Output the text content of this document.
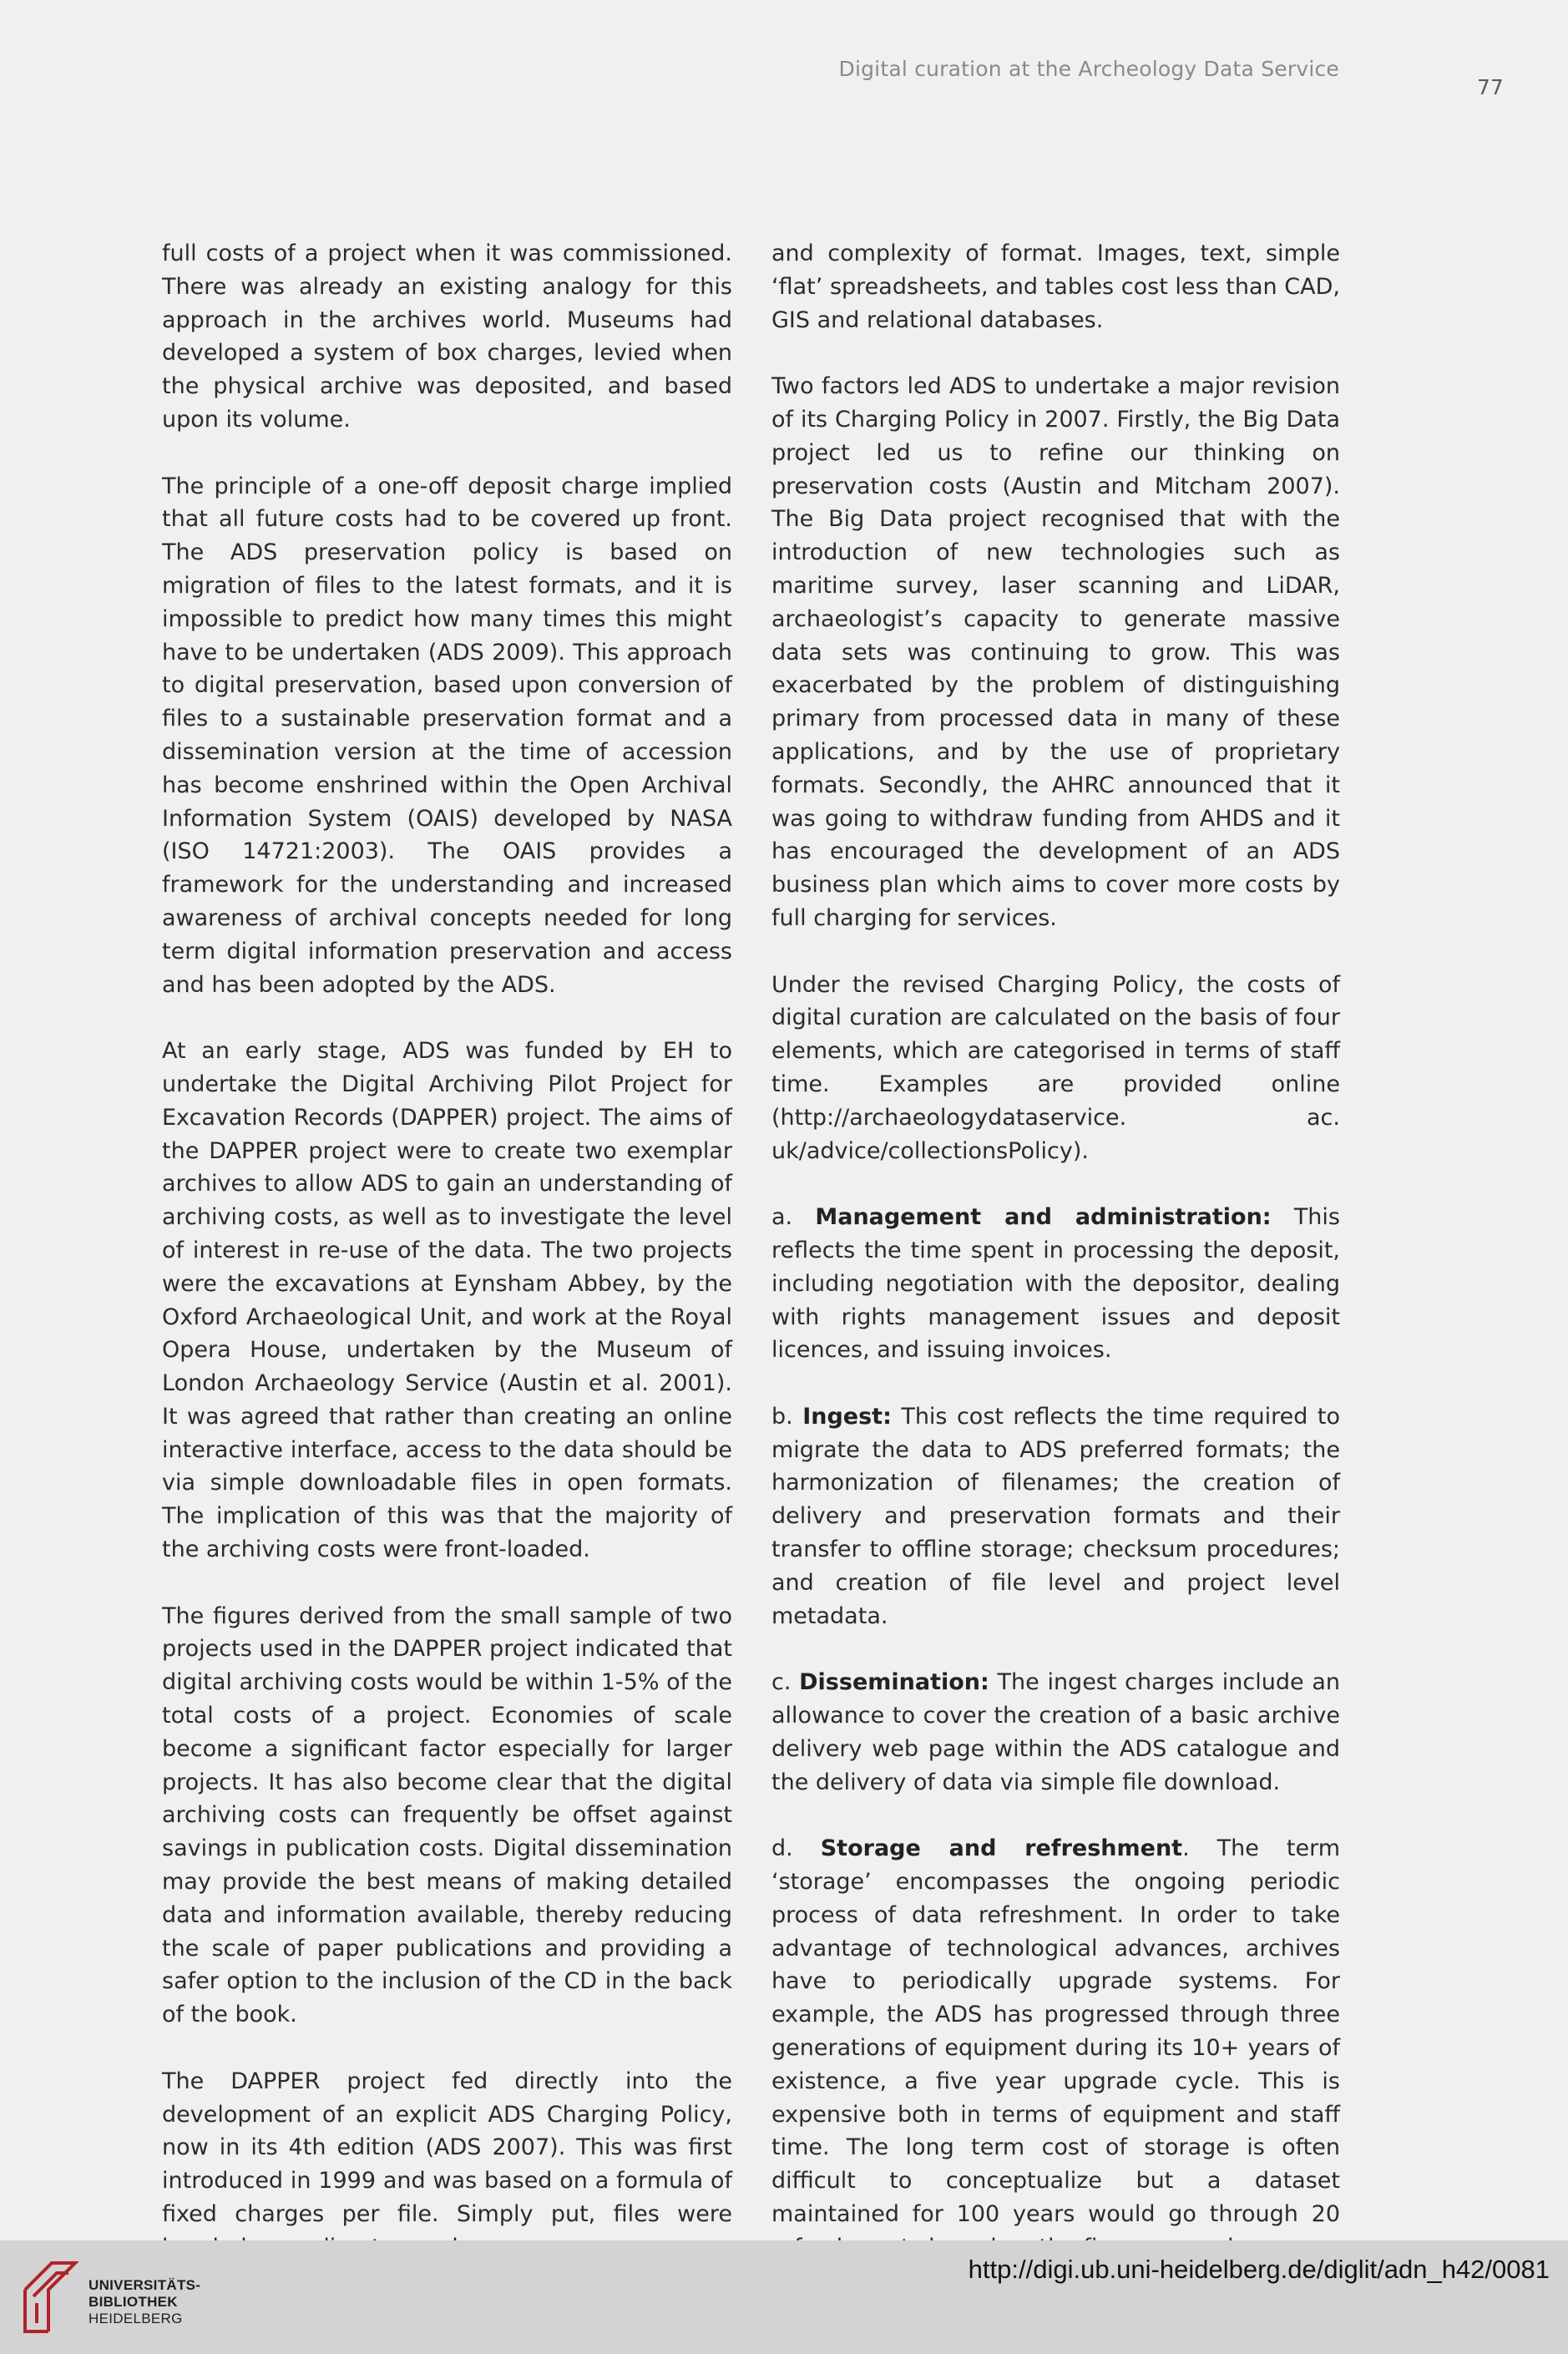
Digital curation at the Archeology Data Service
77

full costs of a project when it was commissioned. There was already an existing analogy for this approach in the archives world. Museums had developed a system of box charges, levied when the physical archive was deposited, and based upon its volume.

The principle of a one-off deposit charge implied that all future costs had to be covered up front. The ADS preservation policy is based on migration of files to the latest formats, and it is impossible to predict how many times this might have to be undertaken (ADS 2009). This approach to digital preservation, based upon conversion of files to a sustainable preservation format and a dissemination version at the time of accession has become enshrined within the Open Archival Information System (OAIS) developed by NASA (ISO 14721:2003). The OAIS provides a framework for the understanding and increased awareness of archival concepts needed for long term digital information preservation and access and has been adopted by the ADS.

At an early stage, ADS was funded by EH to undertake the Digital Archiving Pilot Project for Excavation Records (DAPPER) project. The aims of the DAPPER project were to create two exemplar archives to allow ADS to gain an understanding of archiving costs, as well as to investigate the level of interest in re-use of the data. The two projects were the excavations at Eynsham Abbey, by the Oxford Archaeological Unit, and work at the Royal Opera House, undertaken by the Museum of London Archaeology Service (Austin et al. 2001). It was agreed that rather than creating an online interactive interface, access to the data should be via simple downloadable files in open formats. The implication of this was that the majority of the archiving costs were front-loaded.

The figures derived from the small sample of two projects used in the DAPPER project indicated that digital archiving costs would be within 1-5% of the total costs of a project. Economies of scale become a significant factor especially for larger projects. It has also become clear that the digital archiving costs can frequently be offset against savings in publication costs. Digital dissemination may provide the best means of making detailed data and information available, thereby reducing the scale of paper publications and providing a safer option to the inclusion of the CD in the back of the book.

The DAPPER project fed directly into the development of an explicit ADS Charging Policy, now in its 4th edition (ADS 2007). This was first introduced in 1999 and was based on a formula of fixed charges per file. Simply put, files were

and complexity of format. Images, text, simple ‘flat’ spreadsheets, and tables cost less than CAD, GIS and relational databases.

Two factors led ADS to undertake a major revision of its Charging Policy in 2007. Firstly, the Big Data project led us to refine our thinking on preservation costs (Austin and Mitcham 2007). The Big Data project recognised that with the introduction of new technologies such as maritime survey, laser scanning and LiDAR, archaeologist’s capacity to generate massive data sets was continuing to grow. This was exacerbated by the problem of distinguishing primary from processed data in many of these applications, and by the use of proprietary formats. Secondly, the AHRC announced that it was going to withdraw funding from AHDS and it has encouraged the development of an ADS business plan which aims to cover more costs by full charging for services.

Under the revised Charging Policy, the costs of digital curation are calculated on the basis of four elements, which are categorised in terms of staff time. Examples are provided online (http://archaeologydataservice. ac. uk/advice/collectionsPolicy).

a. Management and administration: This reflects the time spent in processing the deposit, including negotiation with the depositor, dealing with rights management issues and deposit licences, and issuing invoices.

b. Ingest: This cost reflects the time required to migrate the data to ADS preferred formats; the harmonization of filenames; the creation of delivery and preservation formats and their transfer to offline storage; checksum procedures; and creation of file level and project level metadata.

c. Dissemination: The ingest charges include an allowance to cover the creation of a basic archive delivery web page within the ADS catalogue and the delivery of data via simple file download.

d. Storage and refreshment. The term ‘storage’ encompasses the ongoing periodic process of data refreshment. In order to take advantage of technological advances, archives have to periodically upgrade systems. For example, the ADS has progressed through three generations of equipment during its 10+ years of existence, a five year upgrade cycle. This is expensive both in terms of equipment and staff time. The long term cost of storage is often difficult to conceptualize but a dataset maintained for 100 years would go through 20

UNIVERSITÄTS-
BIBLIOTHEK
HEIDELBERG
http://digi.ub.uni-heidelberg.de/diglit/adn_h42/0081
